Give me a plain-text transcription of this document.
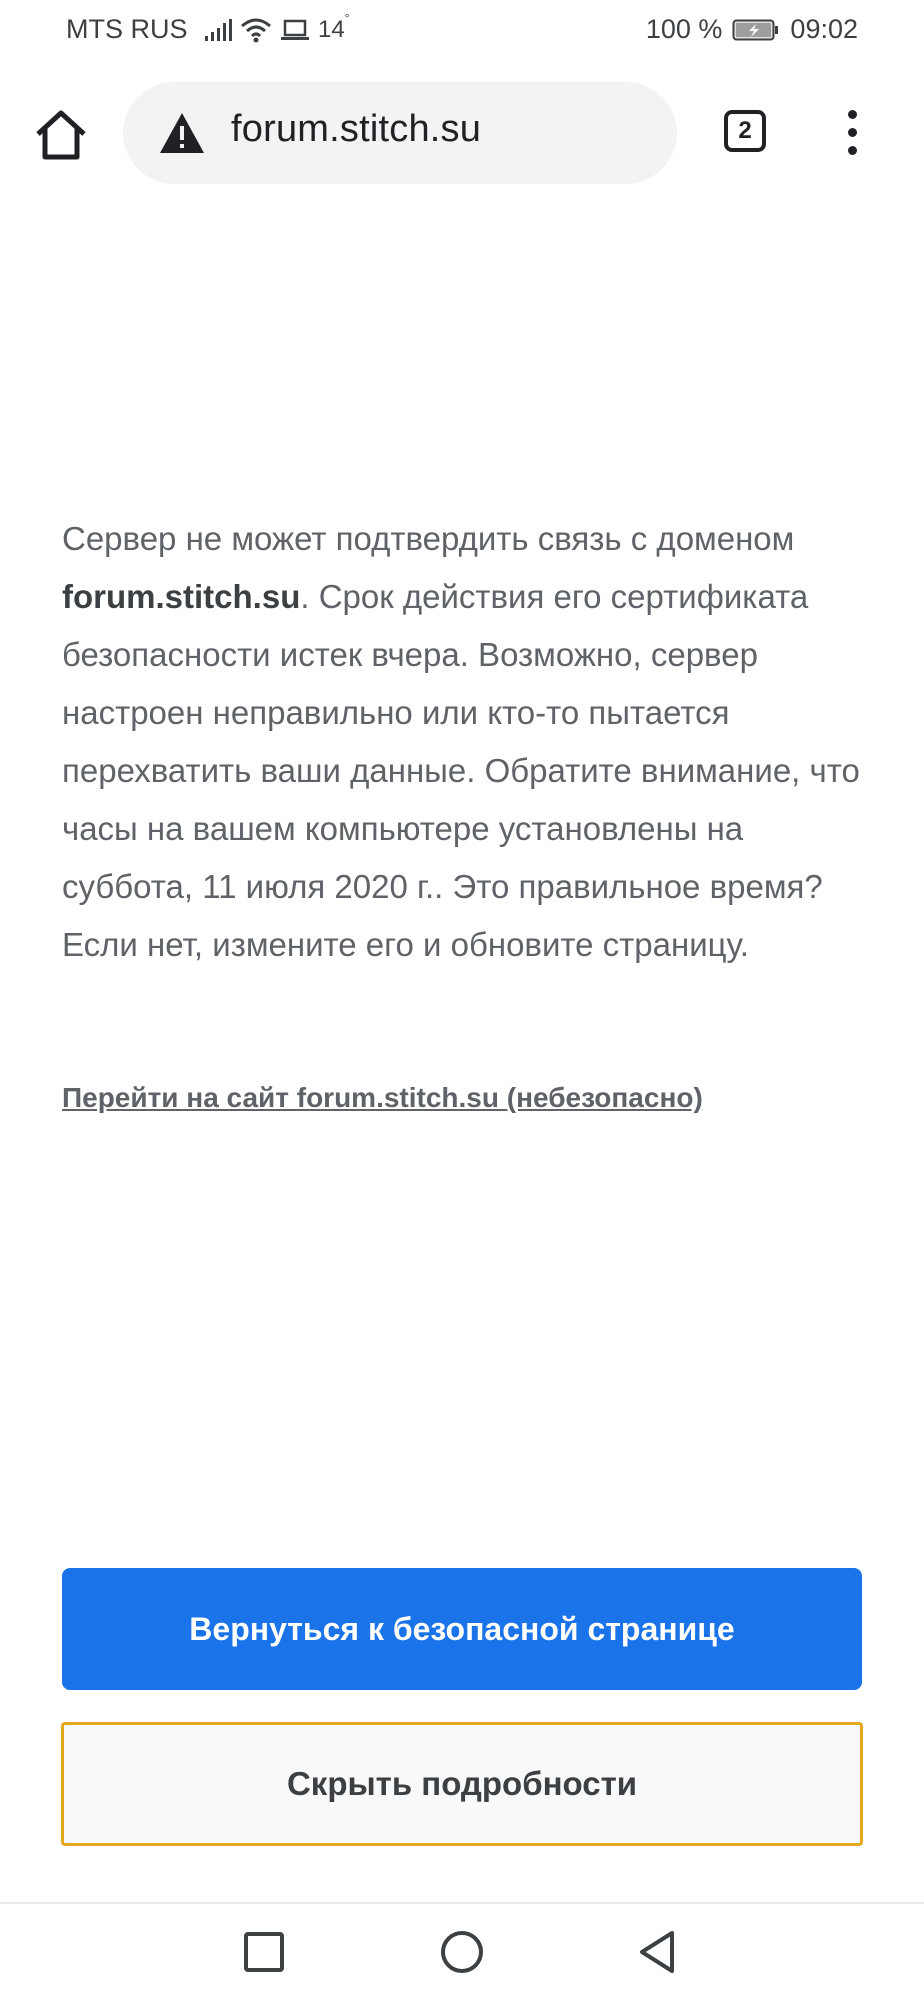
MTS RUS	14°	100 %	09:02
forum.stitch.su	2
Сервер не может подтвердить связь с доменом forum.stitch.su. Срок действия его сертификата безопасности истек вчера. Возможно, сервер настроен неправильно или кто-то пытается перехватить ваши данные. Обратите внимание, что часы на вашем компьютере установлены на суббота, 11 июля 2020 г.. Это правильное время? Если нет, измените его и обновите страницу.
Перейти на сайт forum.stitch.su (небезопасно)
Вернуться к безопасной странице
Скрыть подробности
